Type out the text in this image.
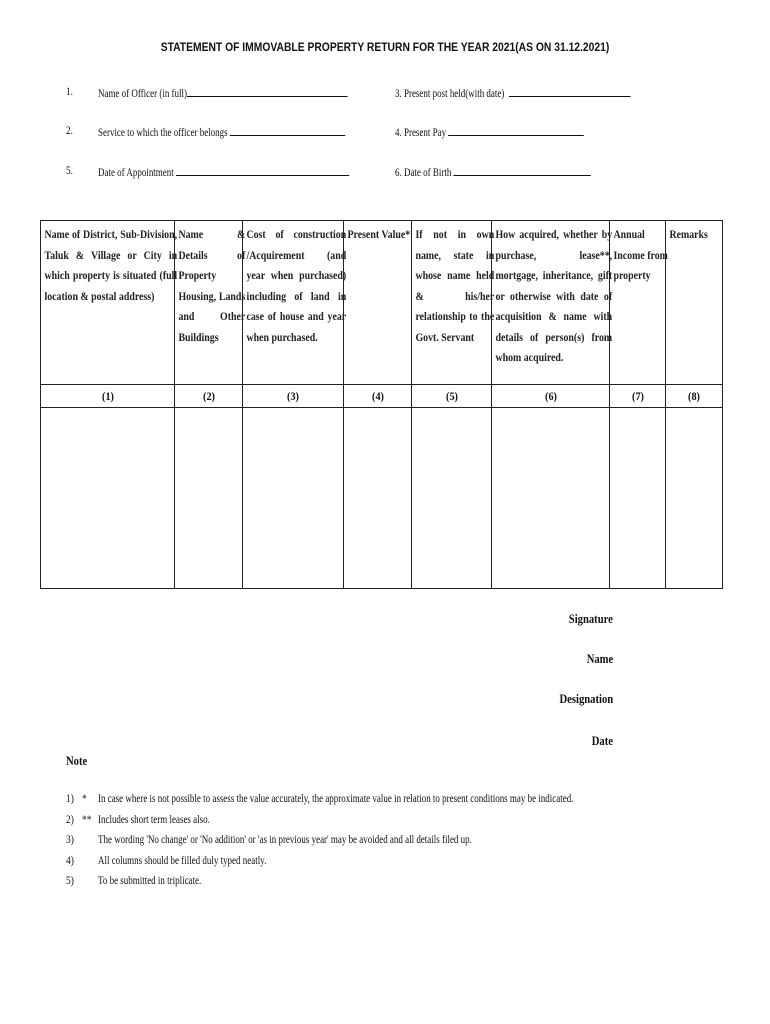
STATEMENT OF IMMOVABLE PROPERTY RETURN FOR THE YEAR 2021(AS ON 31.12.2021)
1. Name of Officer (in full)	3. Present post held(with date)
2. Service to which the officer belongs	4. Present Pay
5. Date of Appointment	6. Date of Birth
Name of District, Sub-Division, Taluk & Village or City in which property is situated (full location & postal address)	Name & Details of Property Housing, Lands and Other Buildings	Cost of construction /Acquirement (and year when purchased) including of land in case of house and year when purchased.	Present Value*	If not in own name, state in whose name held & his/her relationship to the Govt. Servant	How acquired, whether by purchase, lease**, mortgage, inheritance, gift or otherwise with date of acquisition & name with details of person(s) from whom acquired.	Annual Income from property	Remarks

(1)	(2)	(3)	(4)	(5)	(6)	(7)	(8)

Signature
Name
Designation
Date
Note
1) * In case where is not possible to assess the value accurately, the approximate value in relation to present conditions may be indicated.
2) ** Includes short term leases also.
3) The wording 'No change' or 'No addition' or 'as in previous year' may be avoided and all details filed up.
4) All columns should be filled duly typed neatly.
5) To be submitted in triplicate.
